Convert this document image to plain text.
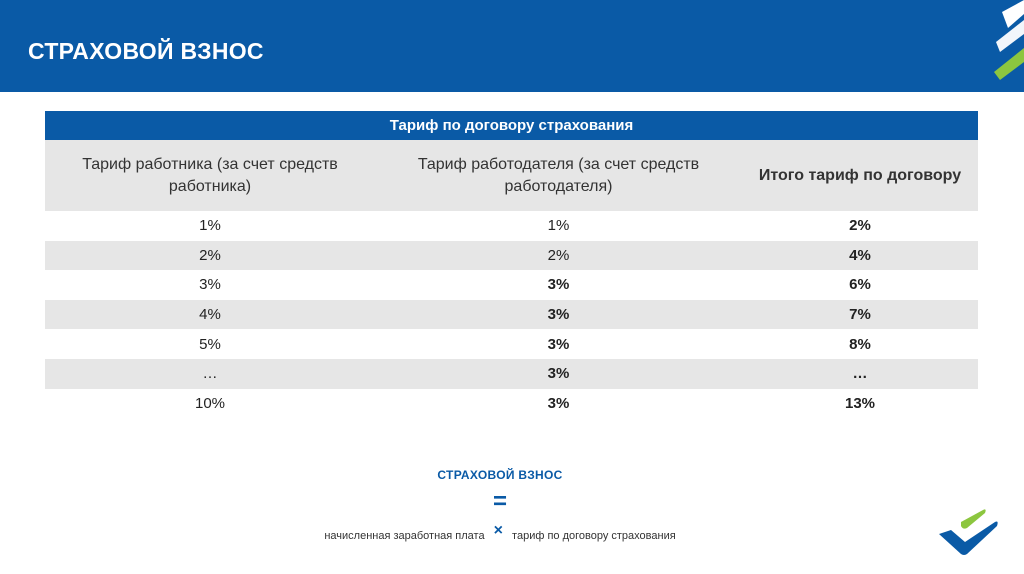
СТРАХОВОЙ ВЗНОС
Тариф по договору страхования		
Тариф работника (за счет средств работника)	Тариф работодателя (за счет средств работодателя)	Итого тариф по договору
1%	1%	2%
2%	2%	4%
3%	3%	6%
4%	3%	7%
5%	3%	8%
…	3%	…
10%	3%	13%
СТРАХОВОЙ ВЗНОС
=
начисленная заработная плата × тариф по договору страхования
